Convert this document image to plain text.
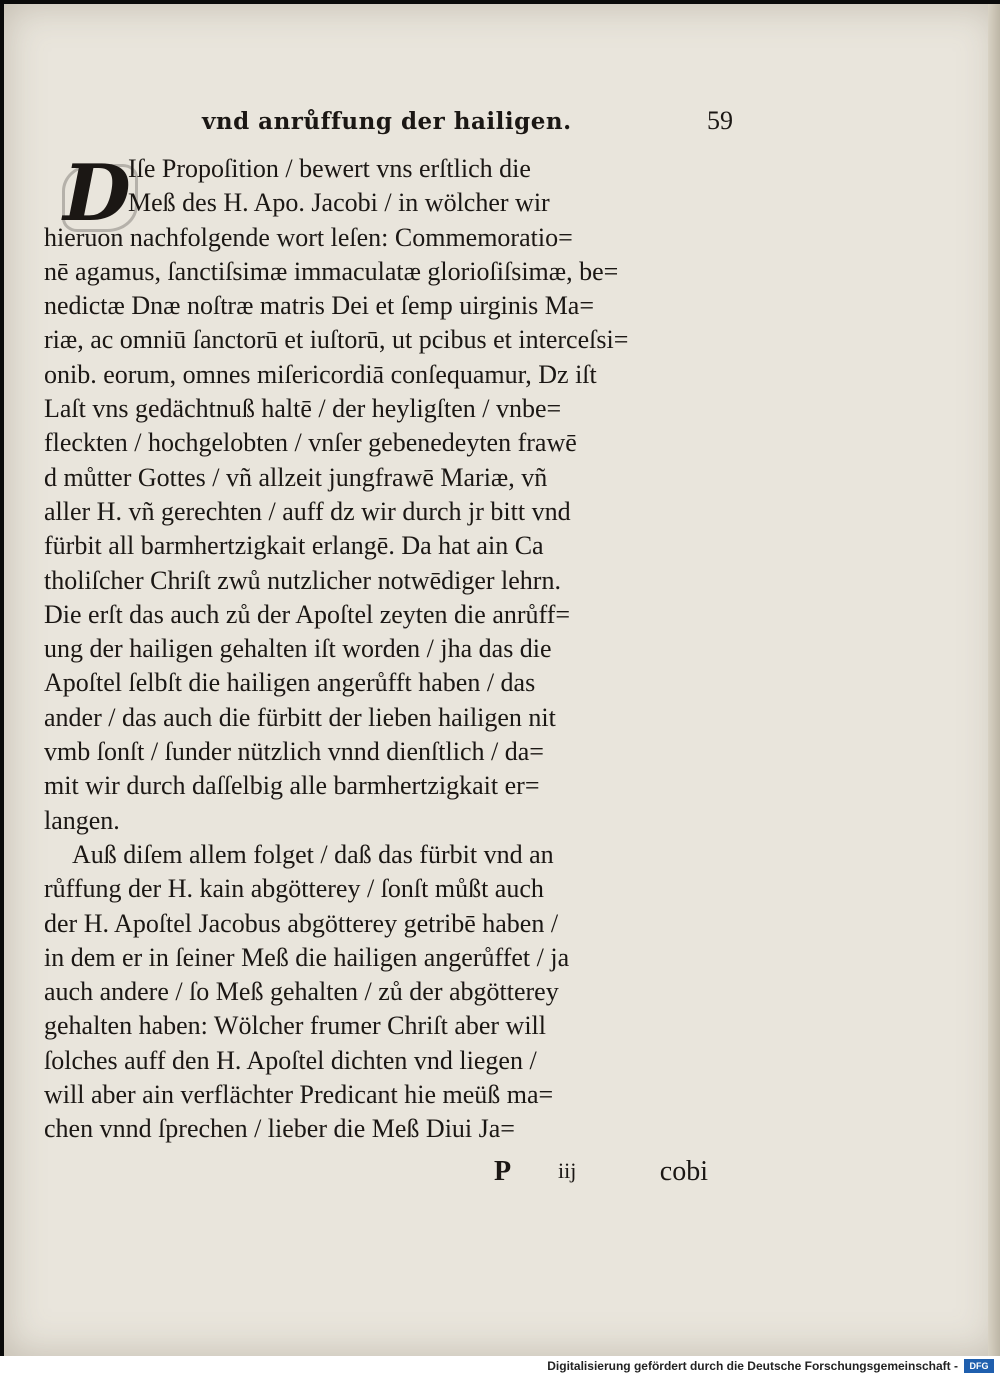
vnd anrůffung der hailigen.	59
D
Iſe Propoſition / bewert vns erſtlich die
Meß des H. Apo. Jacobi / in wölcher wir
hieruon nachfolgende wort leſen: Commemoratio=
nē agamus, ſanctiſsimæ immaculatæ glorioſiſsimæ, be=
nedictæ Dnæ noſtræ matris Dei et ſemp uirginis Ma=
riæ, ac omniū ſanctorū et iuſtorū, ut pcibus et interceſsi=
onib. eorum, omnes miſericordiā conſequamur, Dz iſt
Laſt vns gedächtnuß haltē / der heyligſten / vnbe=
fleckten / hochgelobten / vnſer gebenedeyten frawē
d můtter Gottes / vñ allzeit jungfrawē Mariæ, vñ
aller H. vñ gerechten / auff dz wir durch jr bitt vnd
fürbit all barmhertzigkait erlangē. Da hat ain Ca
tholiſcher Chriſt zwů nutzlicher notwēdiger lehrn.
Die erſt das auch zů der Apoſtel zeyten die anrůff=
ung der hailigen gehalten iſt worden / jha das die
Apoſtel ſelbſt die hailigen angerůfft haben / das
ander / das auch die fürbitt der lieben hailigen nit
vmb ſonſt / ſunder nützlich vnnd dienſtlich / da=
mit wir durch daſſelbig alle barmhertzigkait er=
langen.
Auß diſem allem folget / daß das fürbit vnd an
růffung der H. kain abgötterey / ſonſt můßt auch
der H. Apoſtel Jacobus abgötterey getribē haben /
in dem er in ſeiner Meß die hailigen angerůffet / ja
auch andere / ſo Meß gehalten / zů der abgötterey
gehalten haben: Wölcher frumer Chriſt aber will
ſolches auff den H. Apoſtel dichten vnd liegen /
will aber ain verflächter Predicant hie meüß ma=
chen vnnd ſprechen / lieber die Meß Diui Ja=
P iij	cobi
Digitalisierung gefördert durch die Deutsche Forschungsgemeinschaft -	DFG
